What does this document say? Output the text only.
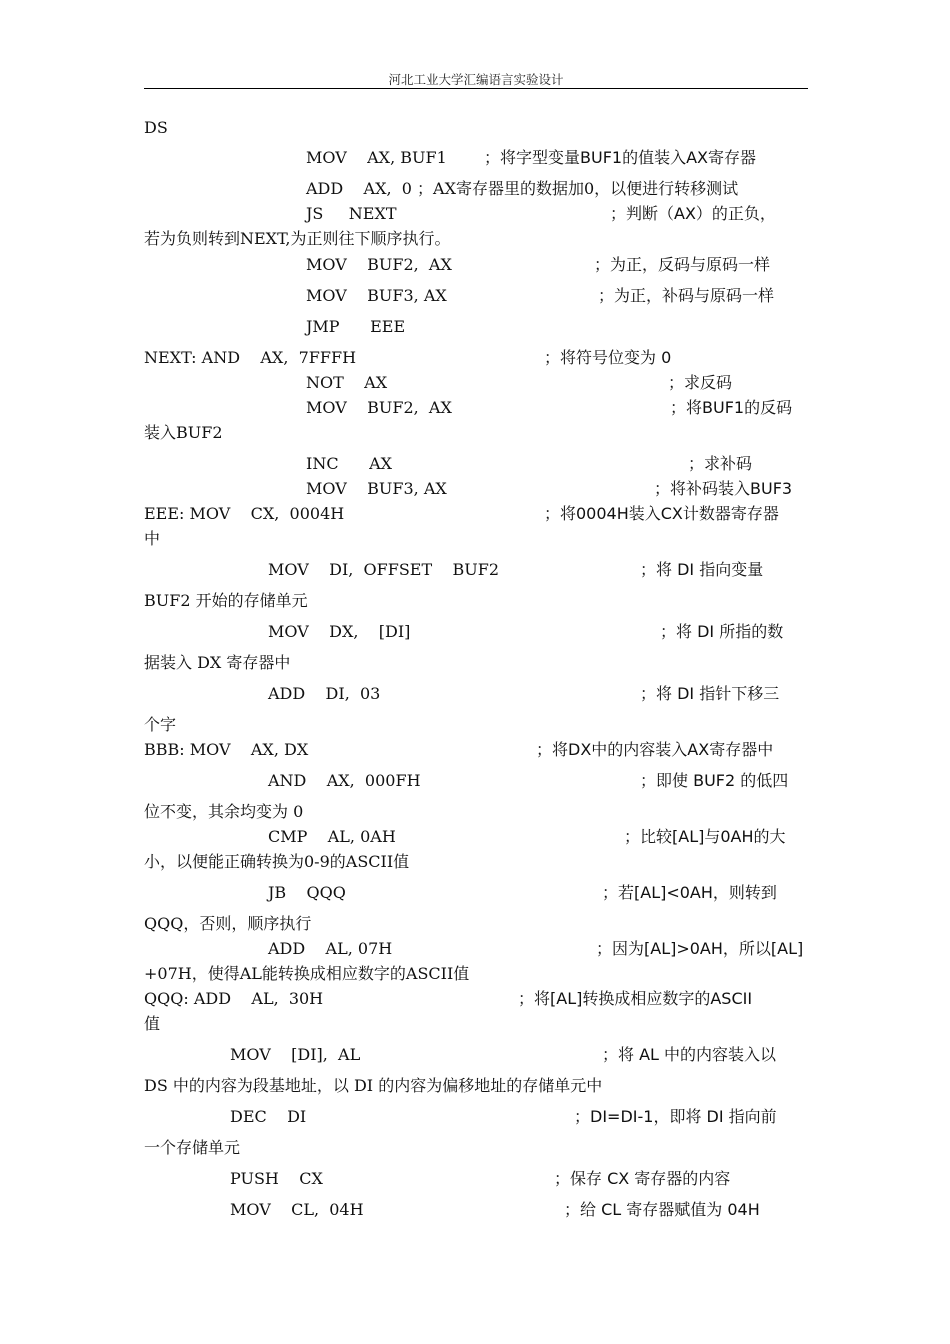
河北工业大学汇编语言实验设计
DS
MOV    AX, BUF1 ；将字型变量BUF1的值装入AX寄存器
ADD    AX,  0 ；AX寄存器里的数据加0，以便进行转移测试
JS     NEXT	；判断（AX）的正负，
若为负则转到NEXT,为正则往下顺序执行。
MOV    BUF2,  AX	；为正，反码与原码一样
MOV    BUF3, AX	；为正，补码与原码一样
JMP      EEE
NEXT: AND    AX,  7FFFH	；将符号位变为 0
NOT    AX	；求反码
MOV    BUF2,  AX	；将BUF1的反码
装入BUF2
INC      AX	；求补码
MOV    BUF3, AX	；将补码装入BUF3
EEE: MOV    CX,  0004H	；将0004H装入CX计数器寄存器
中
MOV    DI,  OFFSET    BUF2	；将 DI 指向变量
BUF2 开始的存储单元
MOV    DX,    [DI]	；将 DI 所指的数
据装入 DX 寄存器中
ADD    DI,  03	；将 DI 指针下移三
个字
BBB: MOV    AX, DX	；将DX中的内容装入AX寄存器中
AND    AX,  000FH	；即使 BUF2 的低四
位不变，其余均变为 0
CMP    AL, 0AH	；比较[AL]与0AH的大
小，以便能正确转换为0-9的ASCII值
JB    QQQ	；若[AL]<0AH，则转到
QQQ，否则，顺序执行
ADD    AL, 07H	；因为[AL]>0AH，所以[AL]
+07H，使得AL能转换成相应数字的ASCII值
QQQ: ADD    AL,  30H	；将[AL]转换成相应数字的ASCII
值
MOV    [DI],  AL	；将 AL 中的内容装入以
DS 中的内容为段基地址，以 DI 的内容为偏移地址的存储单元中
DEC    DI	；DI=DI-1，即将 DI 指向前
一个存储单元
PUSH    CX	；保存 CX 寄存器的内容
MOV    CL,  04H	；给 CL 寄存器赋值为 04H
